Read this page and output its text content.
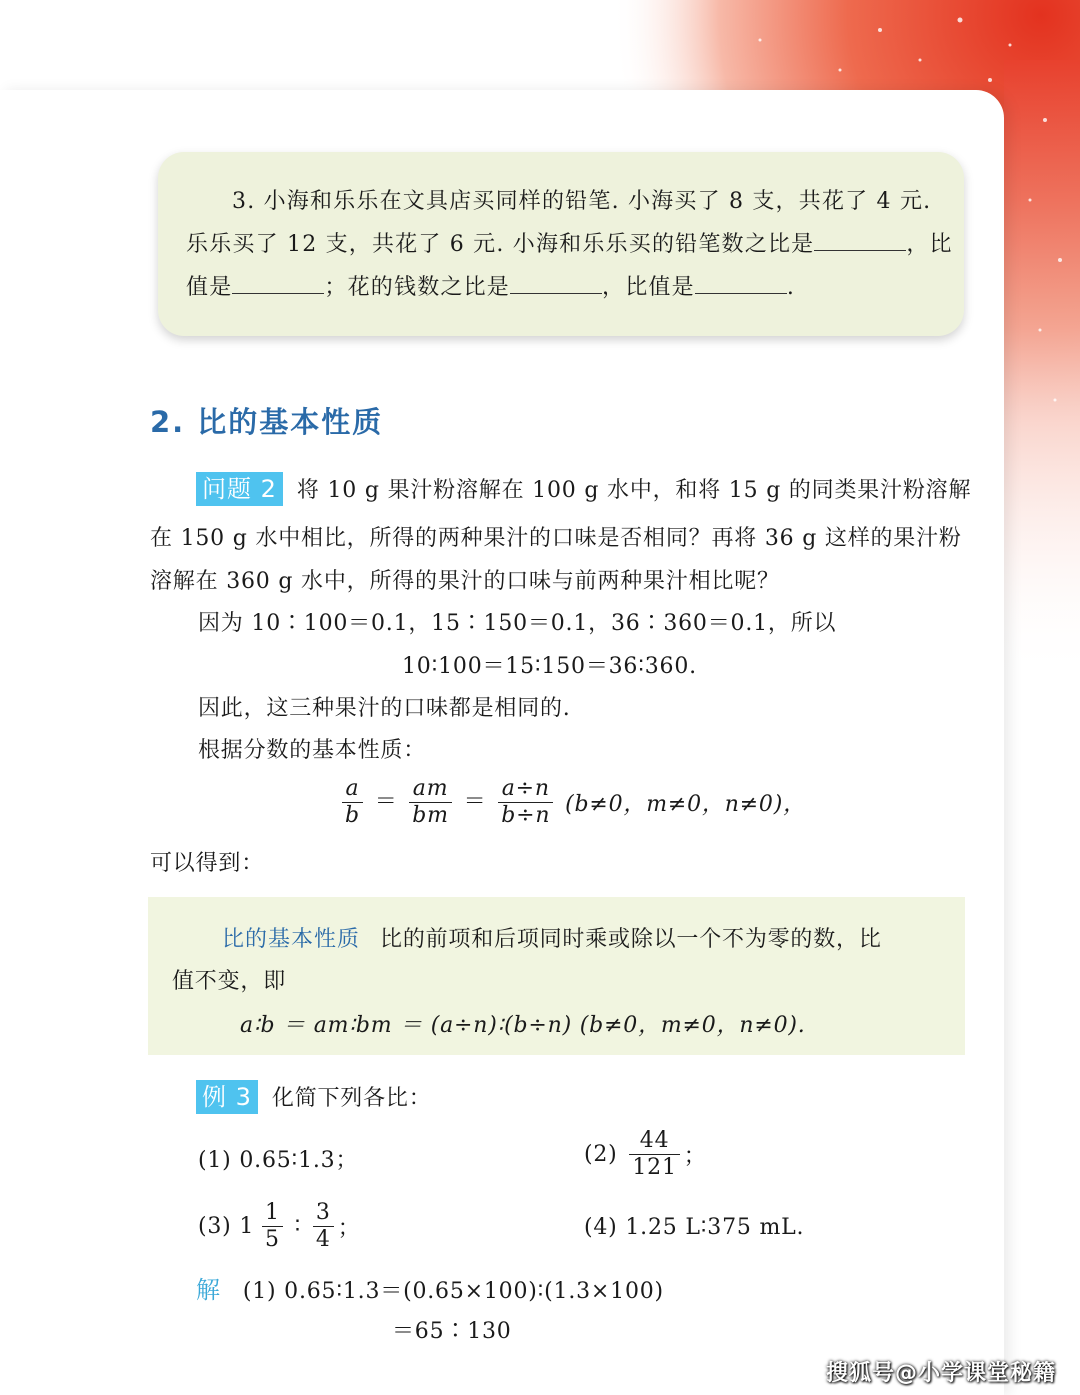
3. 小海和乐乐在文具店买同样的铅笔. 小海买了 8 支，共花了 4 元.
乐乐买了 12 支，共花了 6 元. 小海和乐乐买的铅笔数之比是	，比
值是	；花的钱数之比是	，比值是	.
2. 比的基本性质
问题 2 将 10 g 果汁粉溶解在 100 g 水中，和将 15 g 的同类果汁粉溶解
在 150 g 水中相比，所得的两种果汁的口味是否相同？再将 36 g 这样的果汁粉
溶解在 360 g 水中，所得的果汁的口味与前两种果汁相比呢？
因为 10∶100＝0.1，15∶150＝0.1，36∶360＝0.1，所以
10∶100＝15∶150＝36∶360.
因此，这三种果汁的口味都是相同的.
根据分数的基本性质：
$\frac{a}{b} = \frac{am}{bm} = \frac{a\div n}{b\div n} (b\ne 0$，m≠0，n≠0)，
可以得到：
比的基本性质 比的前项和后项同时乘或除以一个不为零的数，比
值不变，即
a∶b ＝ am∶bm ＝ (a÷n)∶(b÷n) (b≠0，m≠0，n≠0).
例 3 化简下列各比：
(1) 0.65∶1.3；	$(2) \frac{44}{121}$ ；
(3) $1 \frac{1}{5}$ ∶ $\frac{3}{4}$ ；	(4) 1.25 L∶375 mL.
解 (1) 0.65∶1.3＝(0.65×100)∶(1.3×100)
＝65∶130
搜狐号@小学课堂秘籍
